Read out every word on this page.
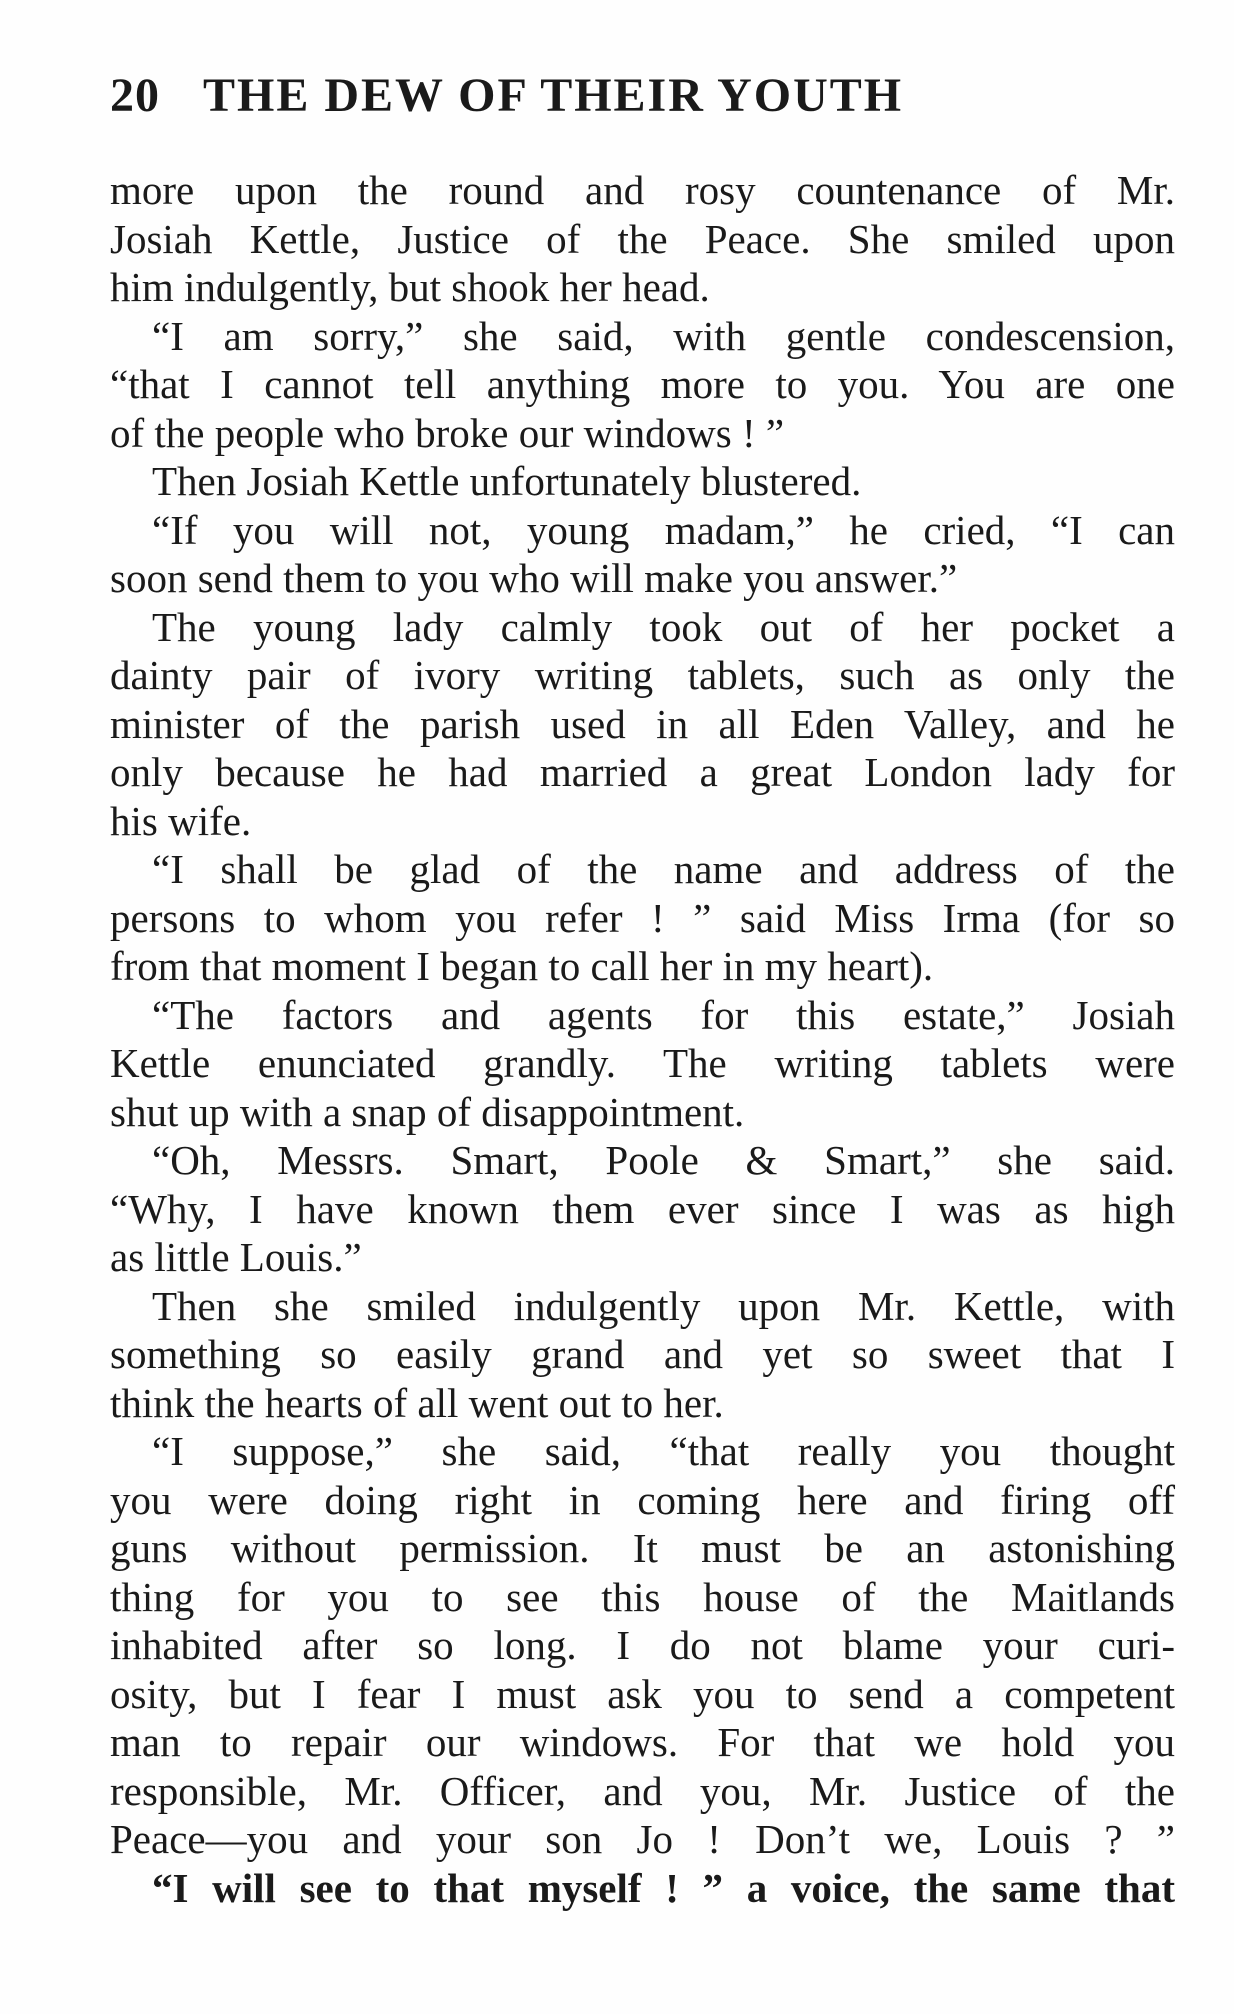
20 THE DEW OF THEIR YOUTH
more upon the round and rosy countenance of Mr.
Josiah Kettle, Justice of the Peace. She smiled upon
him indulgently, but shook her head.
“I am sorry,” she said, with gentle condescension,
“that I cannot tell anything more to you. You are one
of the people who broke our windows ! ”
Then Josiah Kettle unfortunately blustered.
“If you will not, young madam,” he cried, “I can
soon send them to you who will make you answer.”
The young lady calmly took out of her pocket a
dainty pair of ivory writing tablets, such as only the
minister of the parish used in all Eden Valley, and he
only because he had married a great London lady for
his wife.
“I shall be glad of the name and address of the
persons to whom you refer ! ” said Miss Irma (for so
from that moment I began to call her in my heart).
“The factors and agents for this estate,” Josiah
Kettle enunciated grandly. The writing tablets were
shut up with a snap of disappointment.
“Oh, Messrs. Smart, Poole & Smart,” she said.
“Why, I have known them ever since I was as high
as little Louis.”
Then she smiled indulgently upon Mr. Kettle, with
something so easily grand and yet so sweet that I
think the hearts of all went out to her.
“I suppose,” she said, “that really you thought
you were doing right in coming here and firing off
guns without permission. It must be an astonishing
thing for you to see this house of the Maitlands
inhabited after so long. I do not blame your curi-
osity, but I fear I must ask you to send a competent
man to repair our windows. For that we hold you
responsible, Mr. Officer, and you, Mr. Justice of the
Peace—you and your son Jo ! Don’t we, Louis ? ”
“I will see to that myself ! ” a voice, the same that
